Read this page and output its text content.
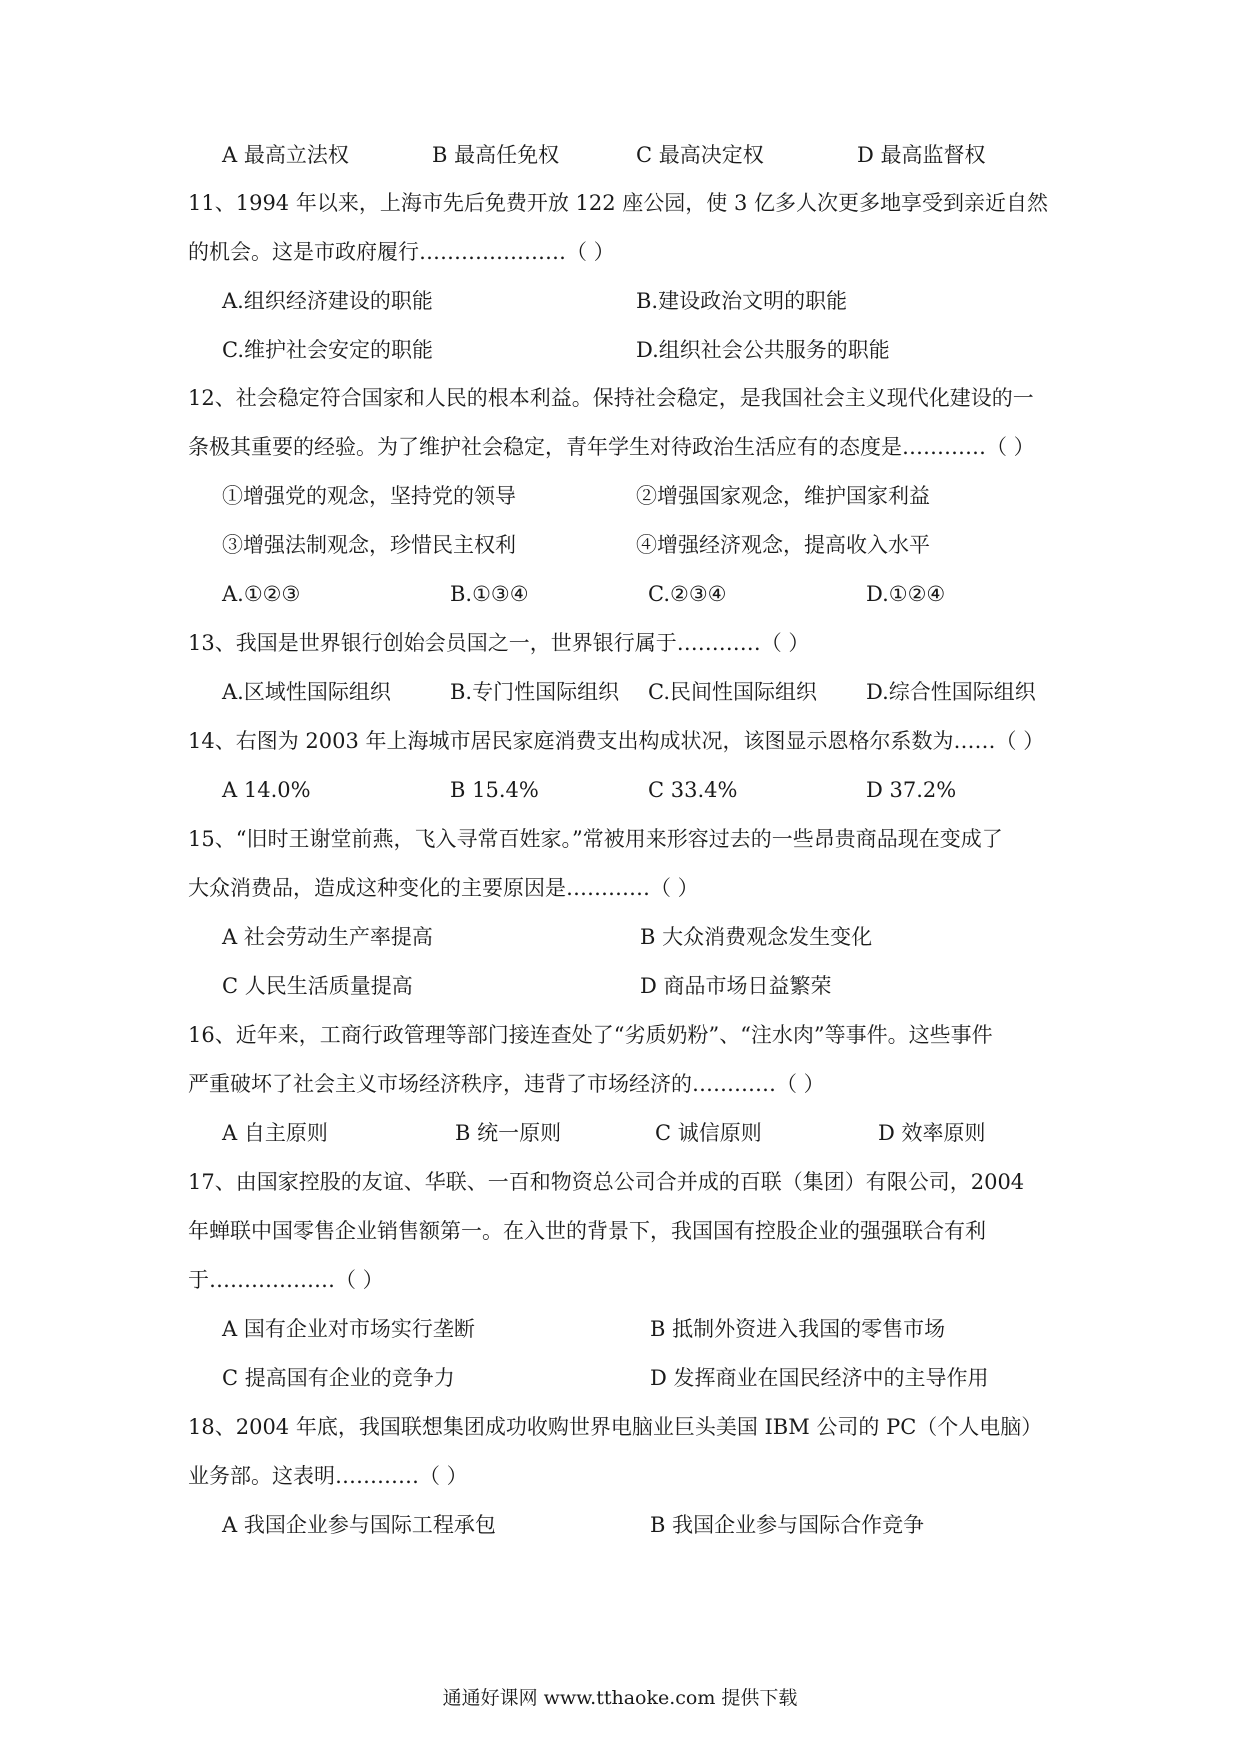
通通好课网 www.tthaoke.com 提供下载
A 最高立法权	B 最高任免权	C 最高决定权	D 最高监督权
11、1994 年以来，上海市先后免费开放 122 座公园，使 3 亿多人次更多地享受到亲近自然
的机会。这是市政府履行…………………（ ）
A.组织经济建设的职能	B.建设政治文明的职能
C.维护社会安定的职能	D.组织社会公共服务的职能
12、社会稳定符合国家和人民的根本利益。保持社会稳定，是我国社会主义现代化建设的一
条极其重要的经验。为了维护社会稳定，青年学生对待政治生活应有的态度是…………（ ）
①增强党的观念，坚持党的领导	②增强国家观念，维护国家利益
③增强法制观念，珍惜民主权利	④增强经济观念，提高收入水平
A.①②③	B.①③④	C.②③④	D.①②④
13、我国是世界银行创始会员国之一，世界银行属于…………（ ）
A.区域性国际组织	B.专门性国际组织 C.民间性国际组织 D.综合性国际组织
14、右图为 2003 年上海城市居民家庭消费支出构成状况，该图显示恩格尔系数为……（ ）
A 14.0%	B 15.4%	C 33.4%	D 37.2%
15、“旧时王谢堂前燕，飞入寻常百姓家。”常被用来形容过去的一些昂贵商品现在变成了
大众消费品，造成这种变化的主要原因是…………（ ）
A 社会劳动生产率提高	B 大众消费观念发生变化
C 人民生活质量提高	D 商品市场日益繁荣
16、近年来，工商行政管理等部门接连查处了“劣质奶粉”、“注水肉”等事件。这些事件
严重破坏了社会主义市场经济秩序，违背了市场经济的…………（ ）
A 自主原则	B 统一原则	C 诚信原则	D 效率原则
17、由国家控股的友谊、华联、一百和物资总公司合并成的百联（集团）有限公司，2004
年蝉联中国零售企业销售额第一。在入世的背景下，我国国有控股企业的强强联合有利
于………………（ ）
A 国有企业对市场实行垄断	B 抵制外资进入我国的零售市场
C 提高国有企业的竞争力	D 发挥商业在国民经济中的主导作用
18、2004 年底，我国联想集团成功收购世界电脑业巨头美国 IBM 公司的 PC（个人电脑）
业务部。这表明…………（ ）
A 我国企业参与国际工程承包	B 我国企业参与国际合作竞争
